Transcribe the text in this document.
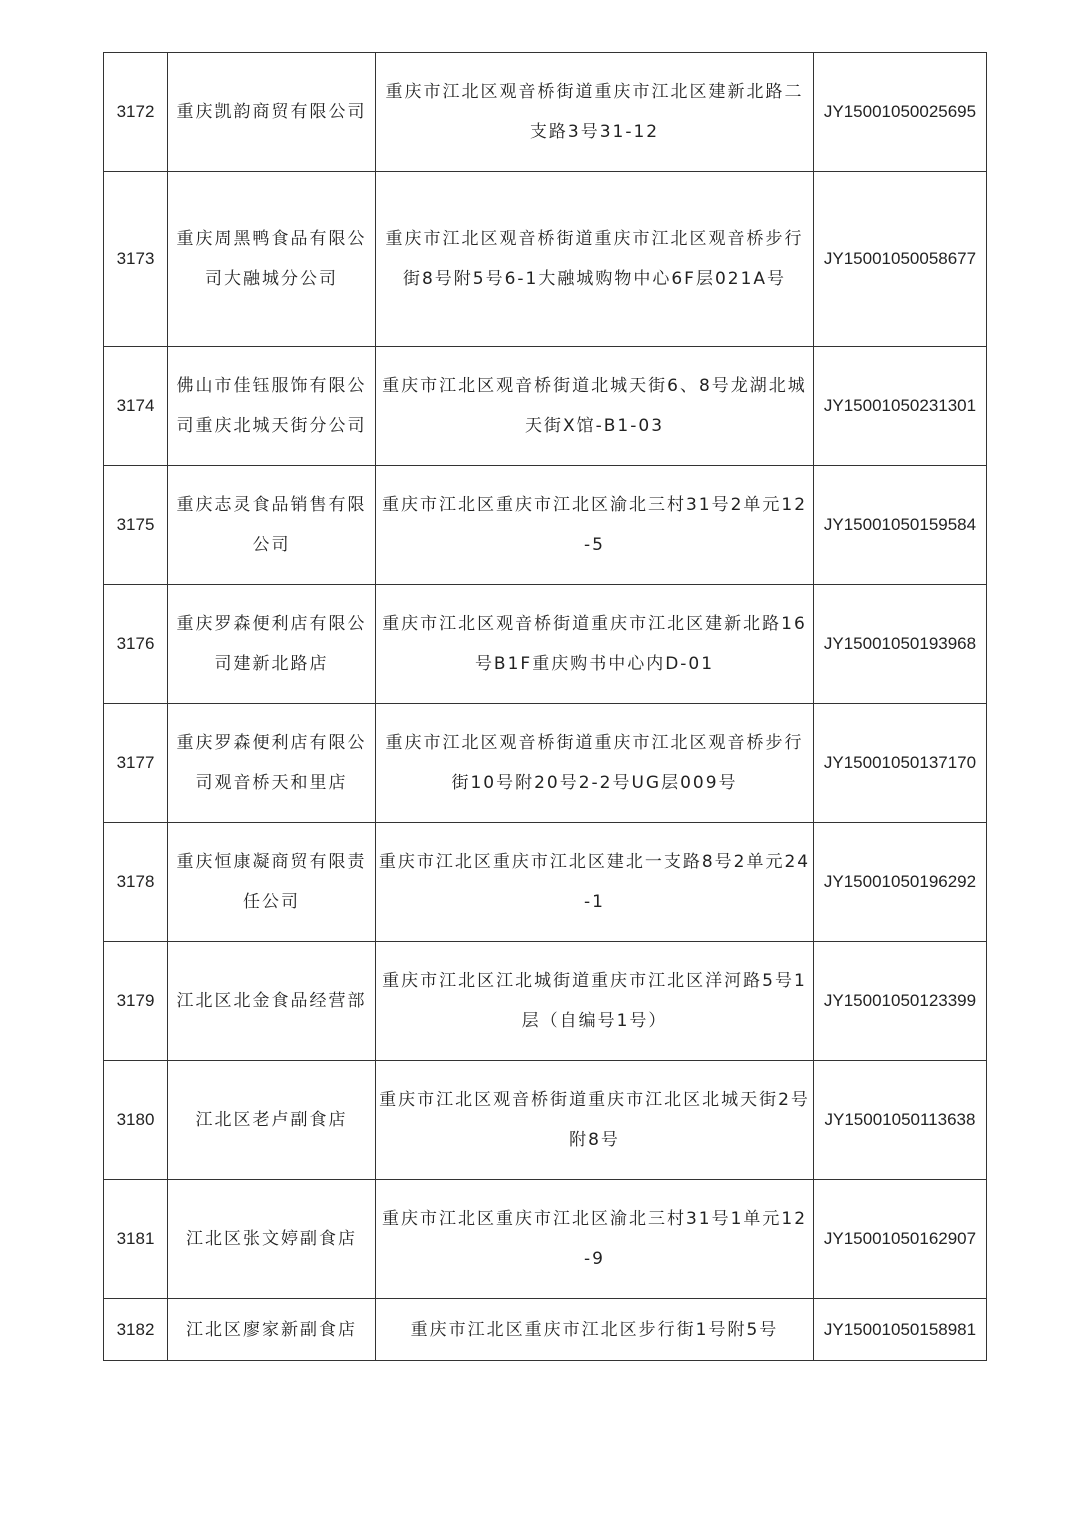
3172	重庆凯韵商贸有限公司	重庆市江北区观音桥街道重庆市江北区建新北路二支路3号31-12	JY15001050025695
3173	重庆周黑鸭食品有限公司大融城分公司	重庆市江北区观音桥街道重庆市江北区观音桥步行街8号附5号6-1大融城购物中心6F层021A号	JY15001050058677
3174	佛山市佳钰服饰有限公司重庆北城天街分公司	重庆市江北区观音桥街道北城天街6、8号龙湖北城天街X馆-B1-03	JY15001050231301
3175	重庆志灵食品销售有限公司	重庆市江北区重庆市江北区渝北三村31号2单元12-5	JY15001050159584
3176	重庆罗森便利店有限公司建新北路店	重庆市江北区观音桥街道重庆市江北区建新北路16号B1F重庆购书中心内D-01	JY15001050193968
3177	重庆罗森便利店有限公司观音桥天和里店	重庆市江北区观音桥街道重庆市江北区观音桥步行街10号附20号2-2号UG层009号	JY15001050137170
3178	重庆恒康凝商贸有限责任公司	重庆市江北区重庆市江北区建北一支路8号2单元24-1	JY15001050196292
3179	江北区北金食品经营部	重庆市江北区江北城街道重庆市江北区洋河路5号1层（自编号1号）	JY15001050123399
3180	江北区老卢副食店	重庆市江北区观音桥街道重庆市江北区北城天街2号附8号	JY15001050113638
3181	江北区张文婷副食店	重庆市江北区重庆市江北区渝北三村31号1单元12-9	JY15001050162907
3182	江北区廖家新副食店	重庆市江北区重庆市江北区步行街1号附5号	JY15001050158981
